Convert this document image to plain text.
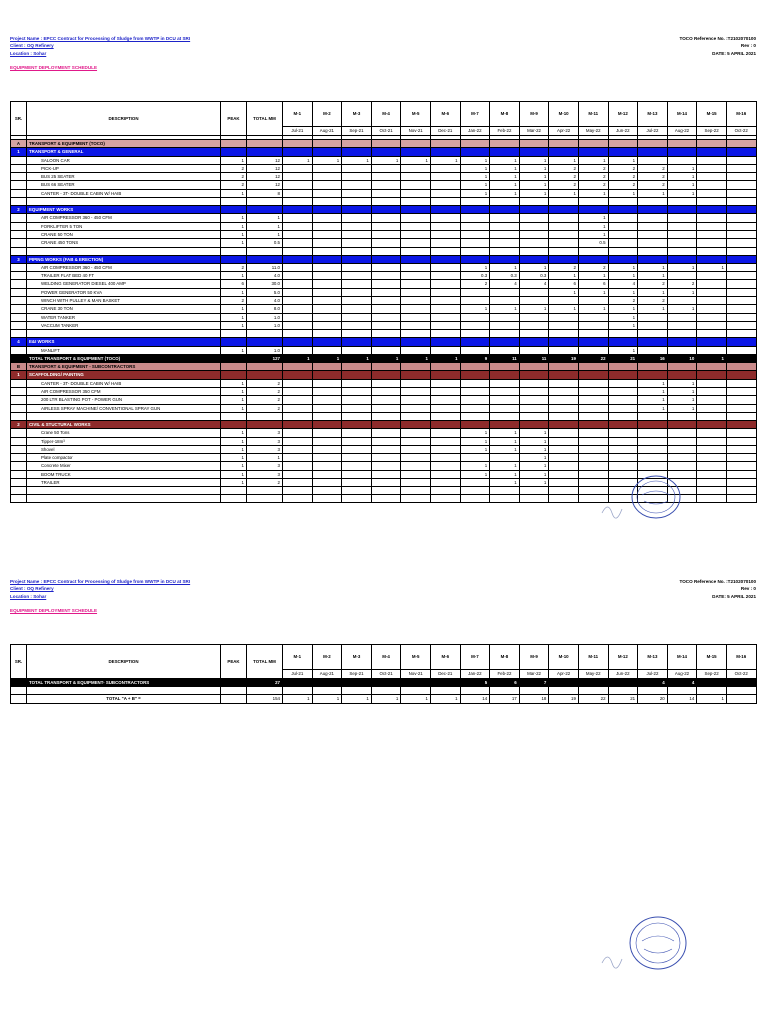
Project Name : EPCC Contract for Processing of Sludge from WWTP in DCU at SRI
Client : OQ Refinery
Location : Sohar
EQUIPMENT DEPLOYMENT SCHEDULE
TOCO Reference No. :T2102070100
Rev : 0
DATE: 5 APRIL 2021
SR.	DESCRIPTION	PEAK	TOTAL MM	M-1	M-2	M-3	M-4	M-5	M-6	M-7	M-8	M-9	M-10	M-11	M-12	M-13	M-14	M-15	M-16
				Jul-21	Aug-21	Sep-21	Oct-21	Nov-21	Dec-21	Jan-22	Feb-22	Mar-22	Apr-22	May-22	Jun-22	Jul-22	Aug-22	Sep-22	Oct-22

A	TRANSPORT & EQUIPMENT (TOCO)																		
1	TRANSPORT & GENERAL																		
	SALOON CAR	1	12	1	1	1	1	1	1	1	1	1	1	1	1				
	PICK-UP	2	12							1	1	1	2	2	2	2	1		
	BUS 25 SEATER	2	12							1	1	1	2	2	2	2	1		
	BUS 66 SEATER	2	12							1	1	1	2	2	2	2	1		
	CANTER - 3T- DOUBLE CABIN W/ HAIB	1	8							1	1	1	1	1	1	1	1		

2	EQUIPMENT WORKS																		
	AIR COMPRESSOR 360 - 450 CFM	1	1											1					
	FORKLIFTER 5 TON	1	1											1					
	CRANE 50 TON	1	1											1					
	CRANE 450 TONS	1	0.5											0.5					

3	PIPING WORKS (FAB & ERECTION)																		
	AIR COMPRESSOR 360 - 450 CFM	2	11.0							1	1	1	2	2	1	1	1	1	
	TRAILER FLAT BED 40 FT	1	4.0							0.3	0.3	0.3	1	1	1	1			
	WELDING GENERATOR DIESEL 400 AMP	6	30.0							2	4	4	6	6	4	2	2		
	POWER GENERATOR 50 KVA	1	5.0										1	1	1	1	1		
	WINCH WITH PULLEY & MAN BASKET	2	4.0												2	2			
	CRANE 30 TON	1	8.0							1	1	1	1	1	1	1	1		
	WATER TANKER	1	1.0												1				
	VACCUM TANKER	1	1.0												1				

4	E&I WORKS																		
	MANLIFT	1	1.0												1				
	TOTAL TRANSPORT & EQUIPMENT (TOCO)		127	1	1	1	1	1	1	9	11	11	19	22	21	16	10	1	
B	TRANSPORT & EQUIPMENT - SUBCONTRACTORS																		
1	SCAFFOLDING/ PAINTING																		
	CANTER - 3T- DOUBLE CABIN W/ HAIB	1	2													1	1		
	AIR COMPRESSOR 350 CFM	1	2													1	1		
	200 LTR BLASTING POT - POWER GUN	1	2													1	1		
	AIRLESS SPRAY MACHINE/ CONVENTIONAL SPRAY GUN	1	2													1	1		

2	CIVIL & STUCTURAL WORKS																		
	Crane 50 Tons	1	3							1	1	1							
	Tipper-18m³	1	3							1	1	1							
	Shovel	1	3							1	1	1							
	Plate compactor	1	1									1							
	Concrete Mixer	1	3							1	1	1							
	BOOM TRUCK	1	3							1	1	1							
	TRAILER	1	2								1	1							

Project Name : EPCC Contract for Processing of Sludge from WWTP in DCU at SRI
Client : OQ Refinery
Location : Sohar
EQUIPMENT DEPLOYMENT SCHEDULE
TOCO Reference No. :T2102070100
Rev : 0
DATE: 5 APRIL 2021
SR.	DESCRIPTION	PEAK	TOTAL MM	M-1	M-2	M-3	M-4	M-5	M-6	M-7	M-8	M-9	M-10	M-11	M-12	M-13	M-14	M-15	M-16
				Jul-21	Aug-21	Sep-21	Oct-21	Nov-21	Dec-21	Jan-22	Feb-22	Mar-22	Apr-22	May-22	Jun-22	Jul-22	Aug-22	Sep-22	Oct-22
	TOTAL TRANSPORT & EQUIPMENT- SUBCONTRACTORS		27							5	6	7				4	4		

	TOTAL "A + B" =		154	1	1	1	1	1	1	14	17	18	19	22	21	20	14	1	
